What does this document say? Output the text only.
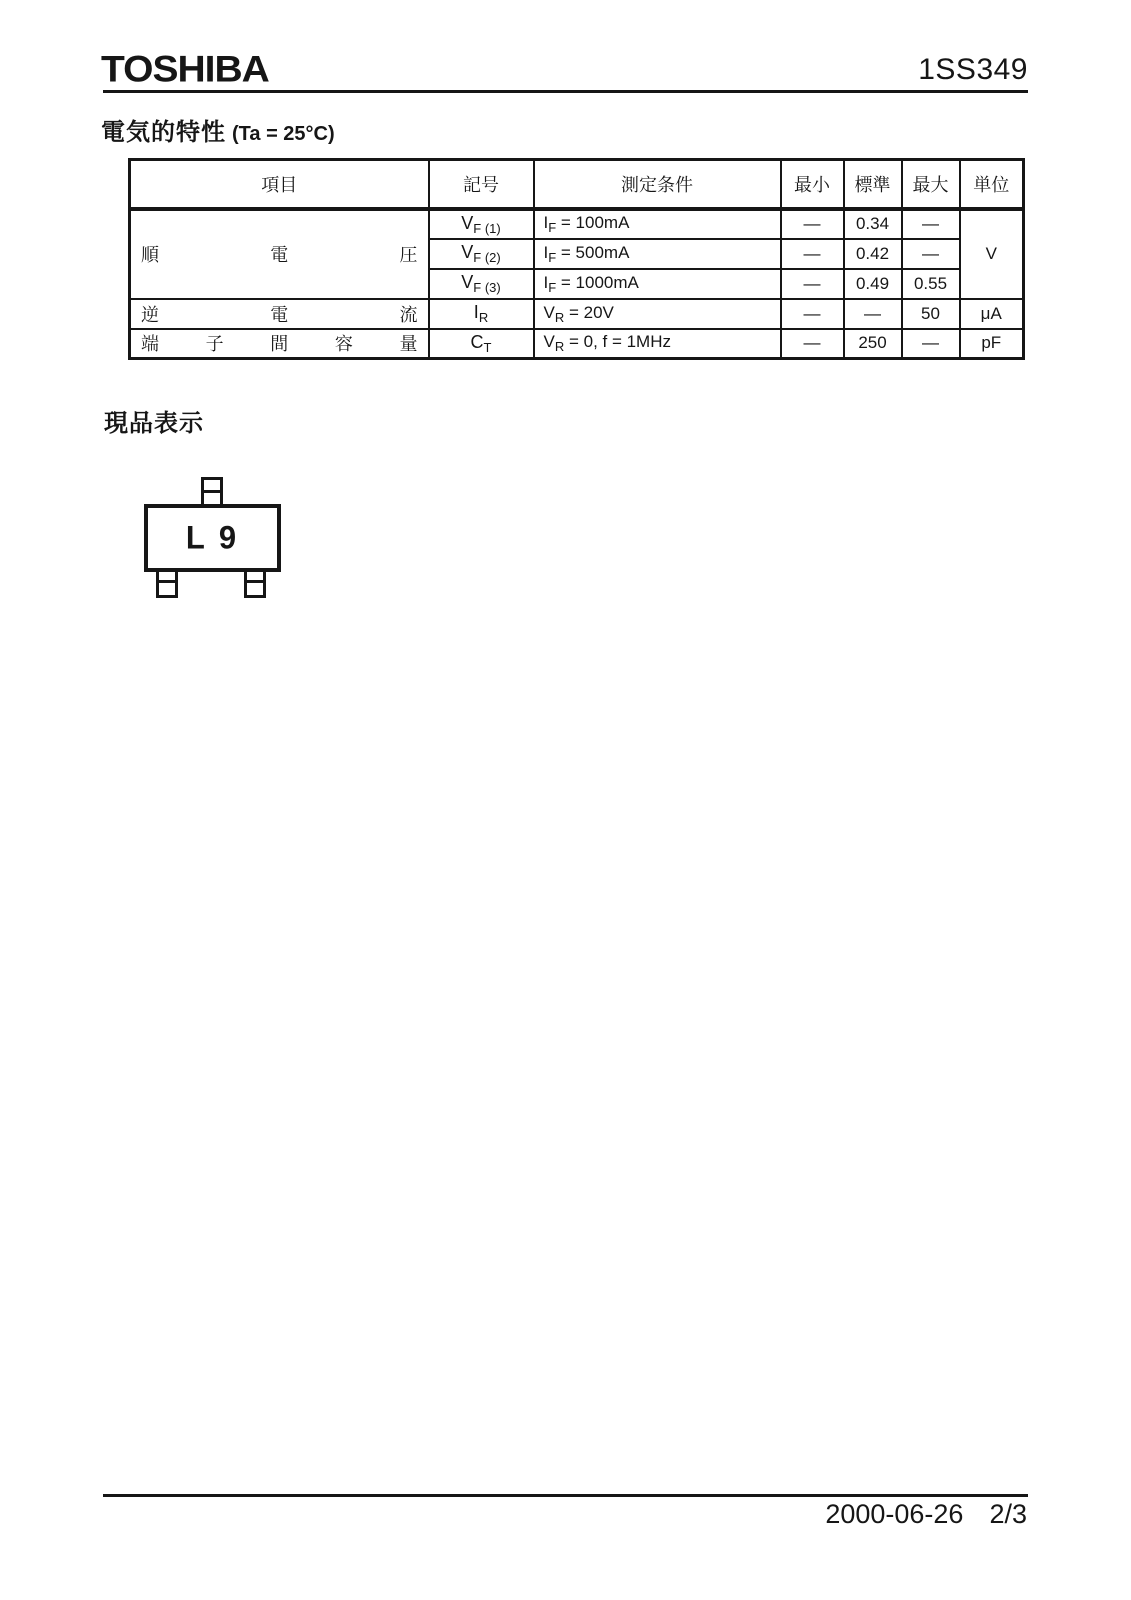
TOSHIBA	1SS349
電気的特性 (Ta = 25°C)
項目	記号	測定条件	最小	標準	最大	単位

順 電 圧	$V_{F (1)}$	$I_F = 100mA$	—	0.34	—	V
	$V_{F (2)}$	$I_F = 500mA$	—	0.42	—	
	$V_{F (3)}$	$I_F = 1000mA$	—	0.49	0.55	

逆 電 流	$I_R$	$V_R = 20V$	—	—	50	μA

端 子 間 容 量	$C_T$	$V_R = 0$, f = 1MHz	—	250	—	pF
現品表示
L 9
2000-06-26 2/3
